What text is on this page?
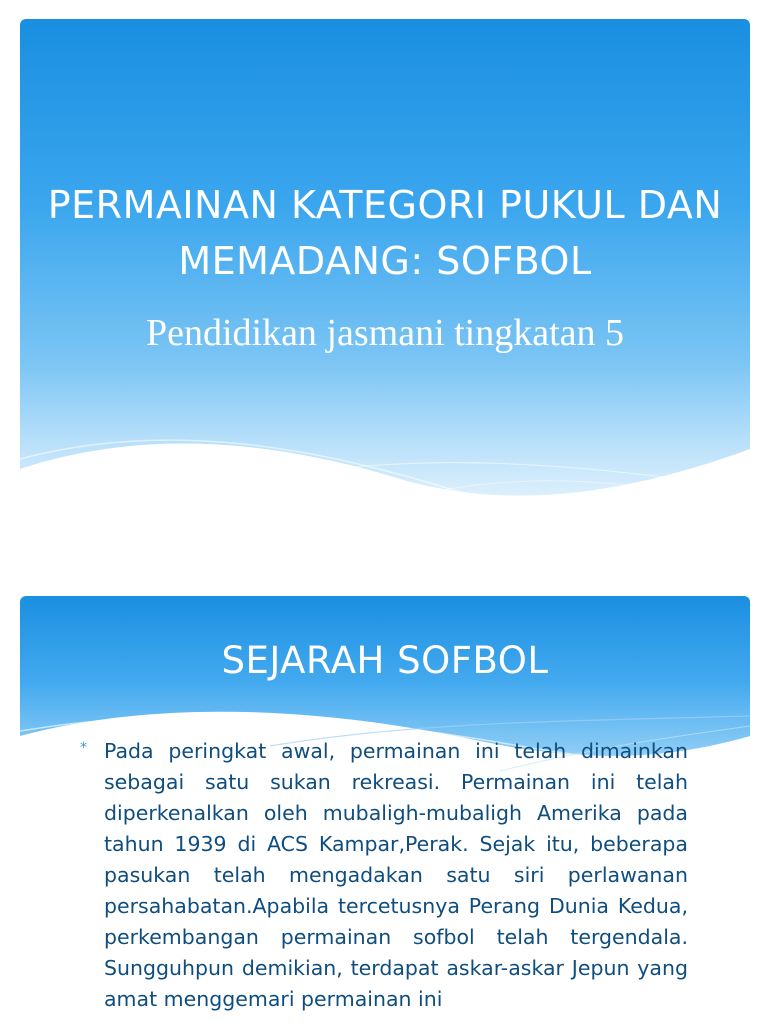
PERMAINAN KATEGORI PUKUL DAN MEMADANG: SOFBOL

Pendidikan jasmani tingkatan 5

SEJARAH SOFBOL
* Pada peringkat awal, permainan ini telah dimainkan sebagai satu sukan rekreasi. Permainan ini telah diperkenalkan oleh mubaligh-mubaligh Amerika pada tahun 1939 di ACS Kampar,Perak. Sejak itu, beberapa pasukan telah mengadakan satu siri perlawanan persahabatan.Apabila tercetusnya Perang Dunia Kedua, perkembangan permainan sofbol telah tergendala. Sungguhpun demikian, terdapat askar-askar Jepun yang amat menggemari permainan ini
